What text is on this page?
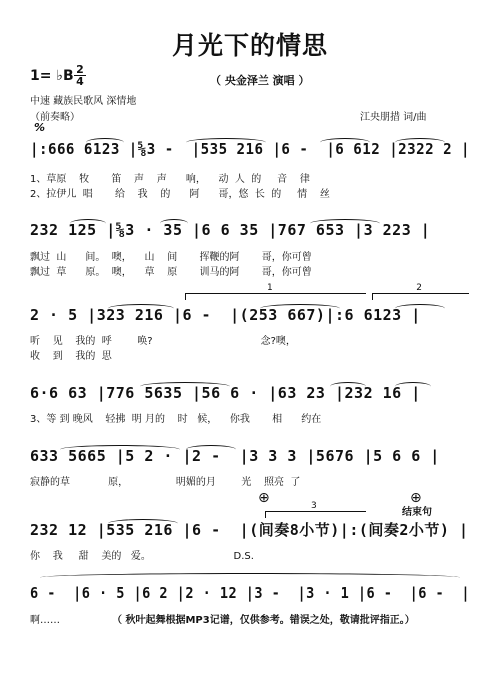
月光下的情思
1= ♭B $\frac{2}{4}$	（ 央金泽兰 演唱 ）
中速 藏族民歌风 深情地
（前奏略）	江央朋措 词/曲
%
|:666 6123 |⅝3 -  |535 216 |6 -  |6 612 |2322 2 |
1、草原    牧       笛    声    声      响，    动  人  的     音    律
2、拉伊儿  唱       给    我    的      阿      哥，悠  长  的     情    丝
232 125 |⅝3 · 35 |6 6 35 |767 653 |3 223 |
飘过  山      间。  噢，    山    间       挥鞭的阿       哥，你可曾
飘过  草      原。  噢，    草    原       训马的阿       哥，你可曾
1	2
2 · 5 |323 216 |6 -  |(253 667)|:6 6123 |
听    见    我的  呼        唤?                                  念?噢，
收    到    我的  思
6·6 63 |776 5635 |56 6 · |63 23 |232 16 |
3、等 到 晚风    轻拂  明 月的    时   候，    你我       相      约在
633 5665 |5 2 · |2 -  |3 3 3 |5676 |5 6 6 |
寂静的草            原，               明媚的月        光    照亮  了
⊕	⊕
3
结束句
232 12 |535 216 |6 -  |(间奏8小节)|:(间奏2小节) |
你    我     甜    美的   爱。                          D.S.
6 -  |6 · 5 |6 2 |2 · 12 |3 -  |3 · 1 |6 -  |6 -  |
啊……	（ 秋叶起舞根据MP3记谱，仅供参考。错误之处，敬请批评指正。）
